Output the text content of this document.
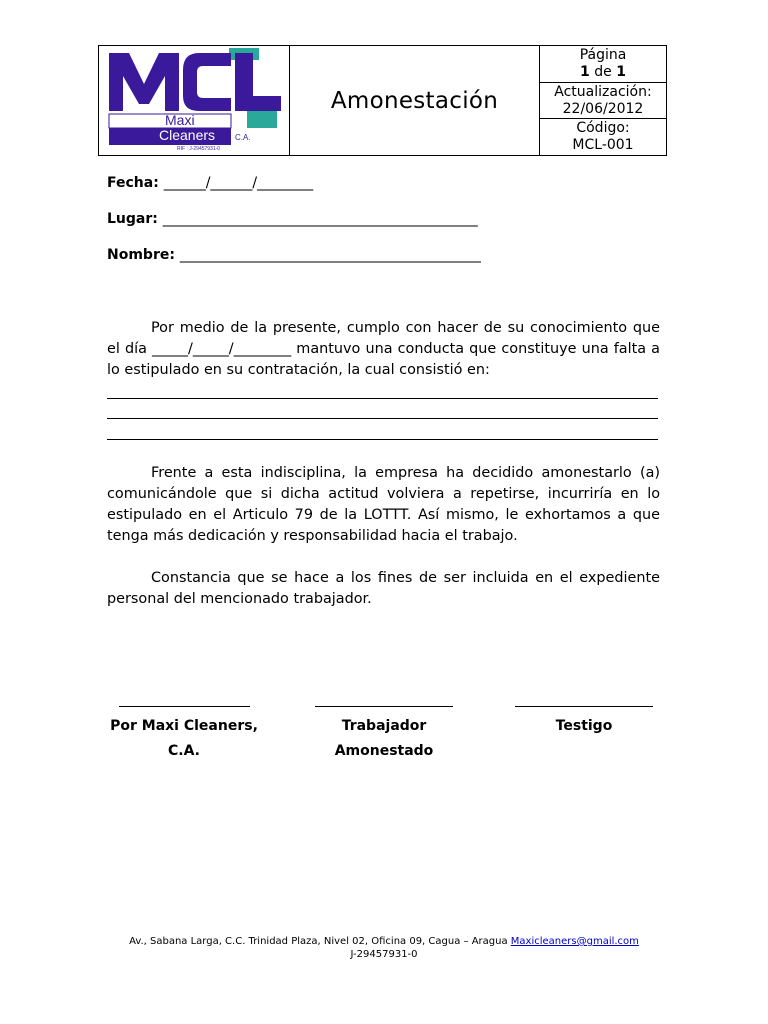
Maxi
Cleaners C.A.
RIF : J-29457931-0
Amonestación
Página
1 de 1
Actualización:
22/06/2012
Código:
MCL-001
Fecha: ______/______/________
Lugar: _____________________________________________
Nombre: ___________________________________________
Por medio de la presente, cumplo con hacer de su conocimiento que el día _____/_____/________ mantuvo una conducta que constituye una falta a lo estipulado en su contratación, la cual consistió en:
Frente a esta indisciplina, la empresa ha decidido amonestarlo (a) comunicándole que si dicha actitud volviera a repetirse, incurriría en lo estipulado en el Articulo 79 de la LOTTT. Así mismo, le exhortamos a que tenga más dedicación y responsabilidad hacia el trabajo.
Constancia que se hace a los fines de ser incluida en el expediente personal del mencionado trabajador.
Por Maxi Cleaners, C.A.
Trabajador Amonestado
Testigo
Av., Sabana Larga, C.C. Trinidad Plaza, Nivel 02, Oficina 09, Cagua – Aragua Maxicleaners@gmail.com
J-29457931-0
